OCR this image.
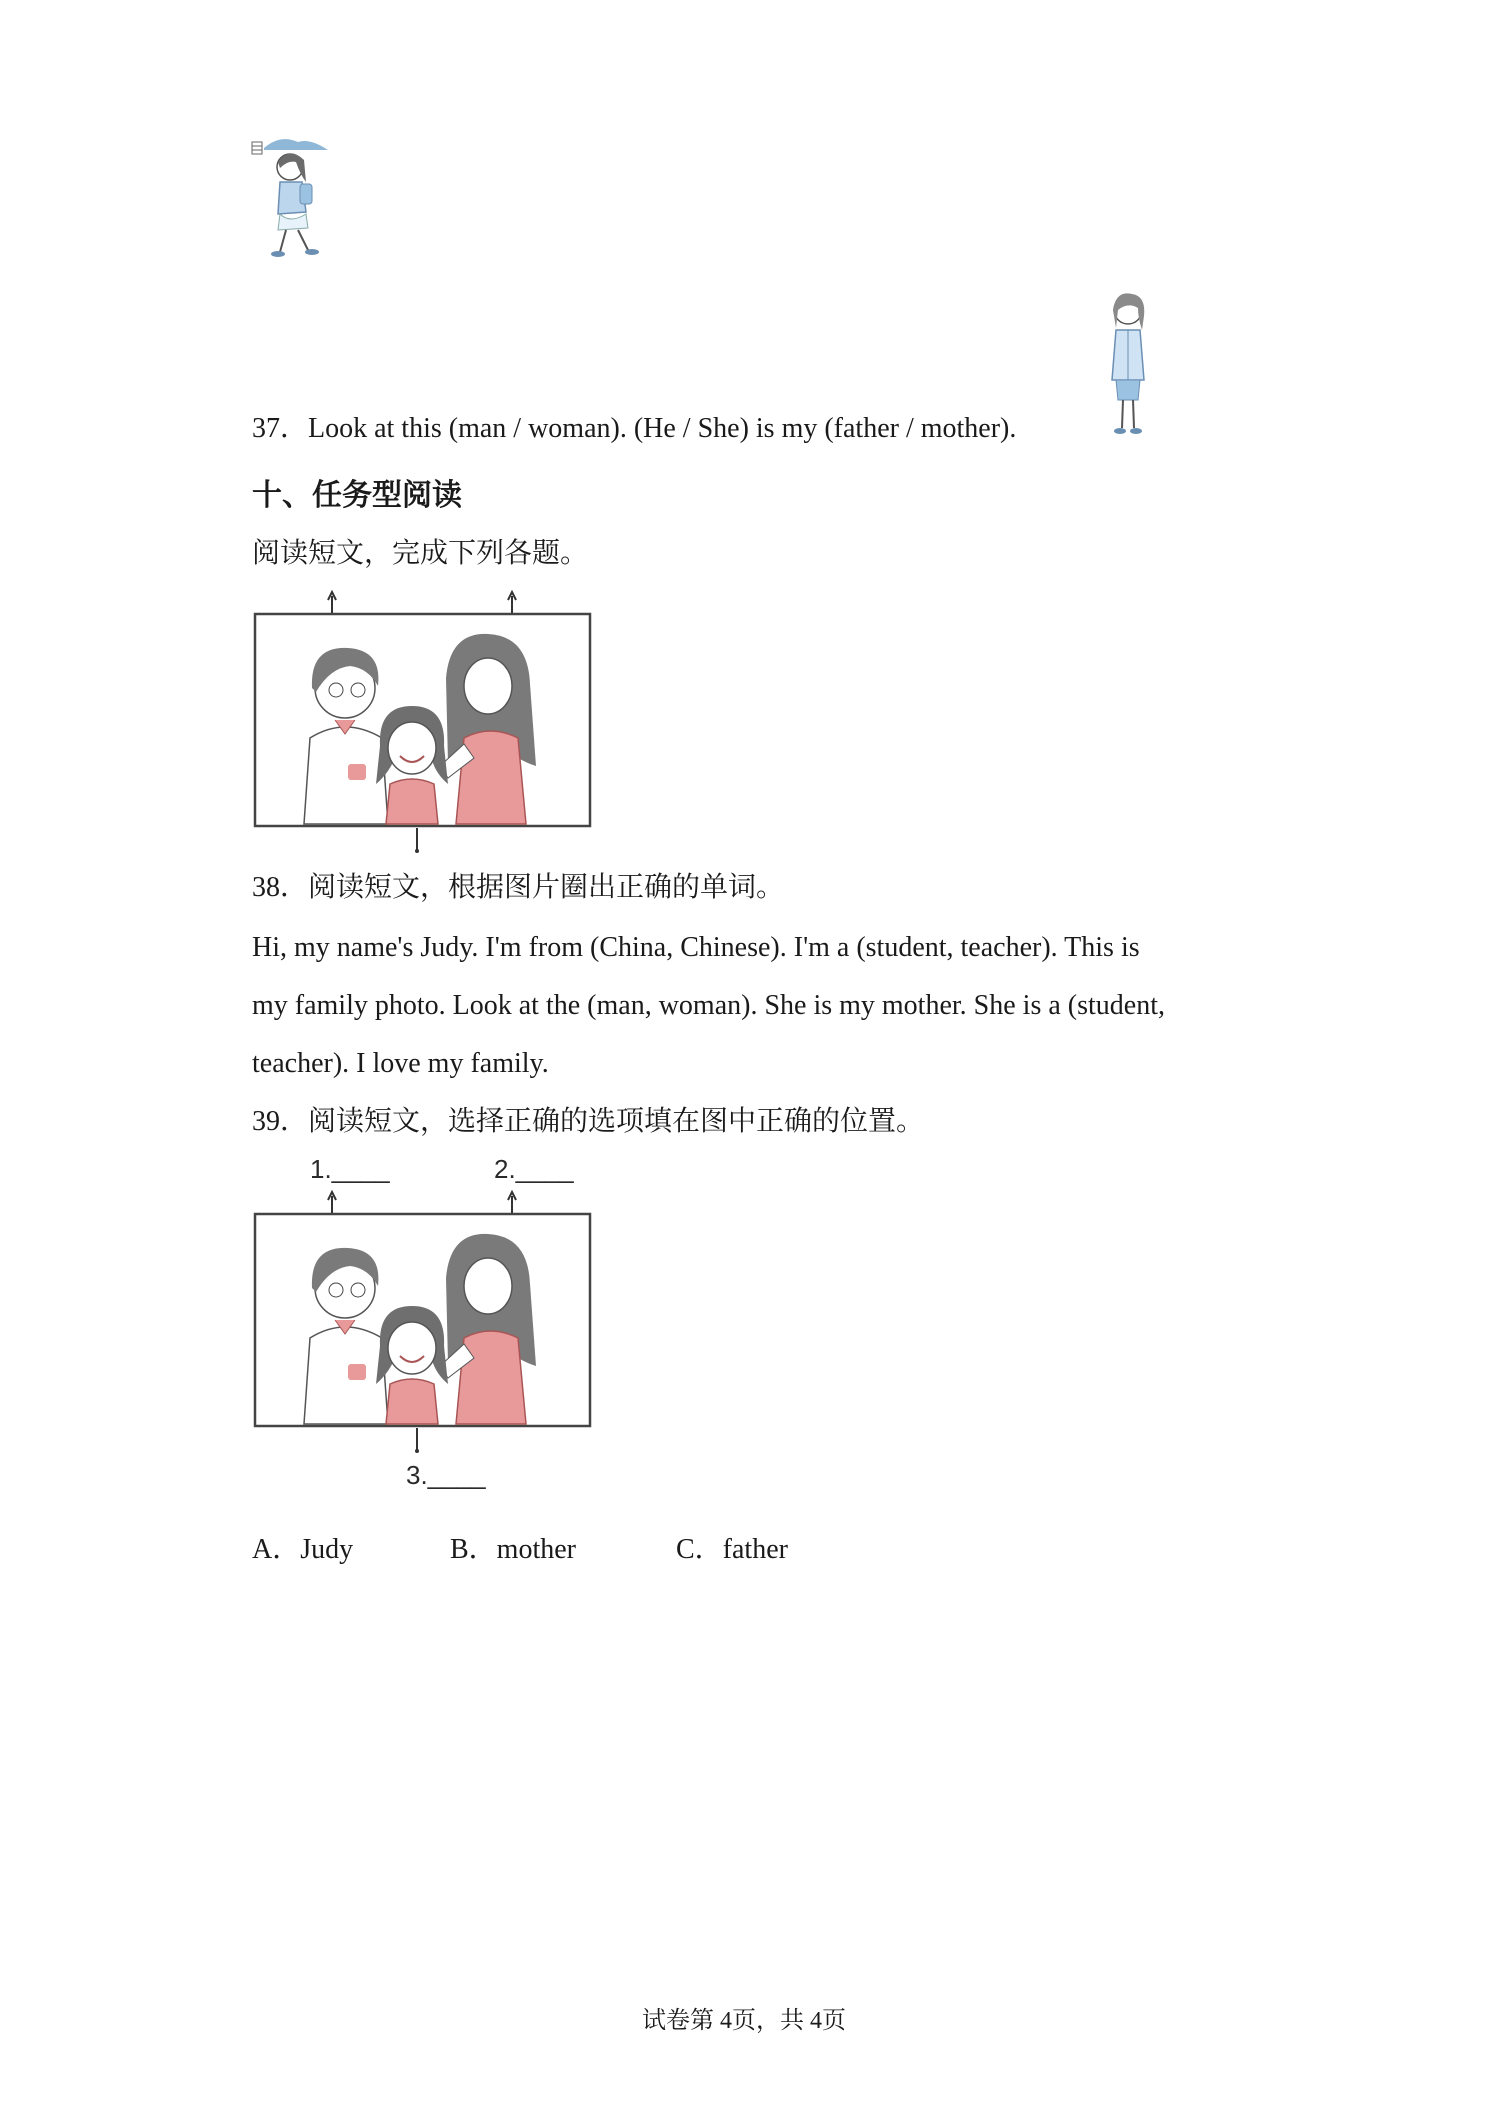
37．Look at this (man / woman). (He / She) is my (father / mother).
十、任务型阅读
阅读短文，完成下列各题。
38．阅读短文，根据图片圈出正确的单词。
Hi, my name's Judy. I'm from (China, Chinese). I'm a (student, teacher). This is
my family photo. Look at the (man, woman). She is my mother. She is a (student,
teacher). I love my family.
39．阅读短文，选择正确的选项填在图中正确的位置。
1.____	2.____
3.____
A．Judy	B．mother	C．father
试卷第 4页，共 4页
